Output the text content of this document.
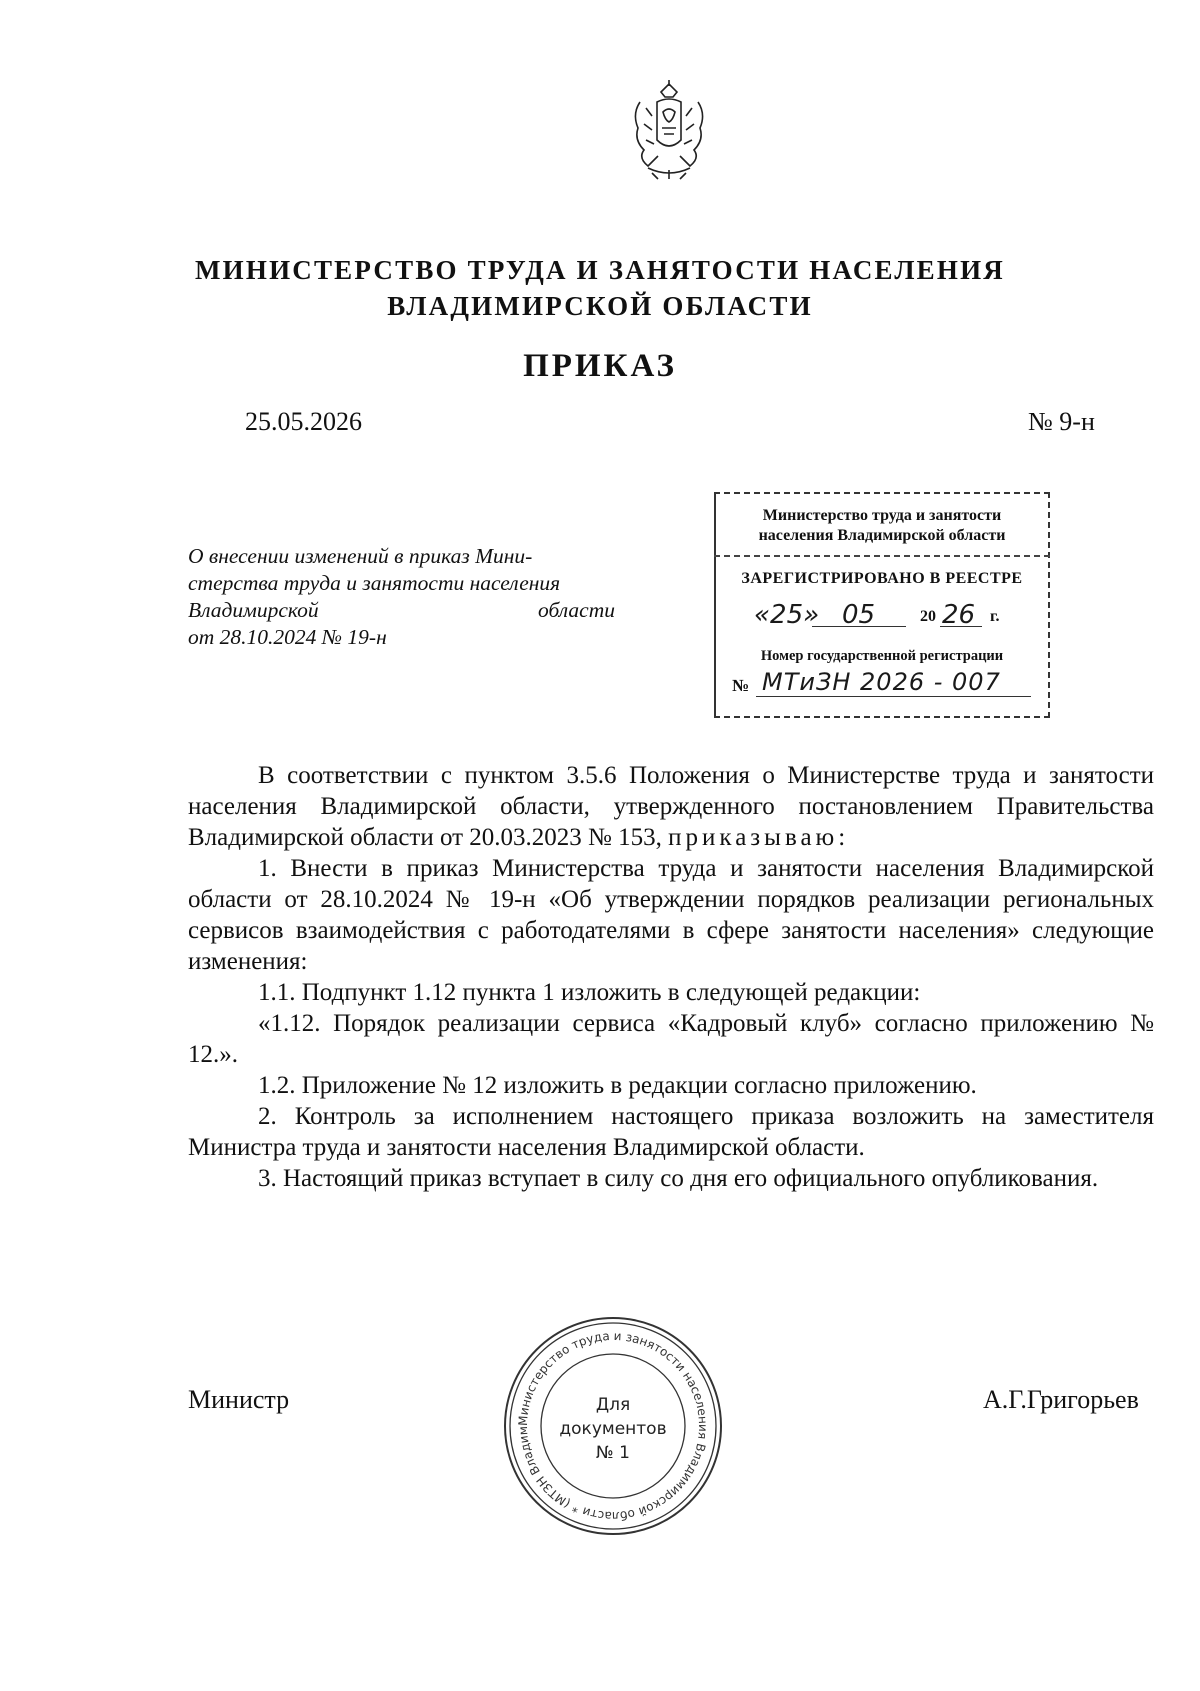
МИНИСТЕРСТВО ТРУДА И ЗАНЯТОСТИ НАСЕЛЕНИЯ
ВЛАДИМИРСКОЙ ОБЛАСТИ
ПРИКАЗ
25.05.2026	№ 9-н
О внесении изменений в приказ Мини-
стерства труда и занятости населения
Владимирской	области
от 28.10.2024 № 19-н
Министерство труда и занятости
населения Владимирской области
ЗАРЕГИСТРИРОВАНО В РЕЕСТРЕ
«25» 05	20 26 г.
Номер государственной регистрации
№ МТиЗН 2026 - 007

В соответствии с пунктом 3.5.6 Положения о Министерстве труда и занятости населения Владимирской области, утвержденного постановлением Правительства Владимирской области от 20.03.2023 № 153, приказываю:

1. Внести в приказ Министерства труда и занятости населения Владимирской области от 28.10.2024 № 19-н «Об утверждении порядков реализации региональных сервисов взаимодействия с работодателями в сфере занятости населения» следующие изменения:

1.1. Подпункт 1.12 пункта 1 изложить в следующей редакции:

«1.12. Порядок реализации сервиса «Кадровый клуб» согласно приложению № 12.».

1.2. Приложение № 12 изложить в редакции согласно приложению.

2. Контроль за исполнением настоящего приказа возложить на заместителя Министра труда и занятости населения Владимирской области.

3. Настоящий приказ вступает в силу со дня его официального опубликования.

Министр	А.Г.Григорьев
Министерство труда и занятости населения Владимирской области * (МТЗН Владим
Для
документов
№ 1
